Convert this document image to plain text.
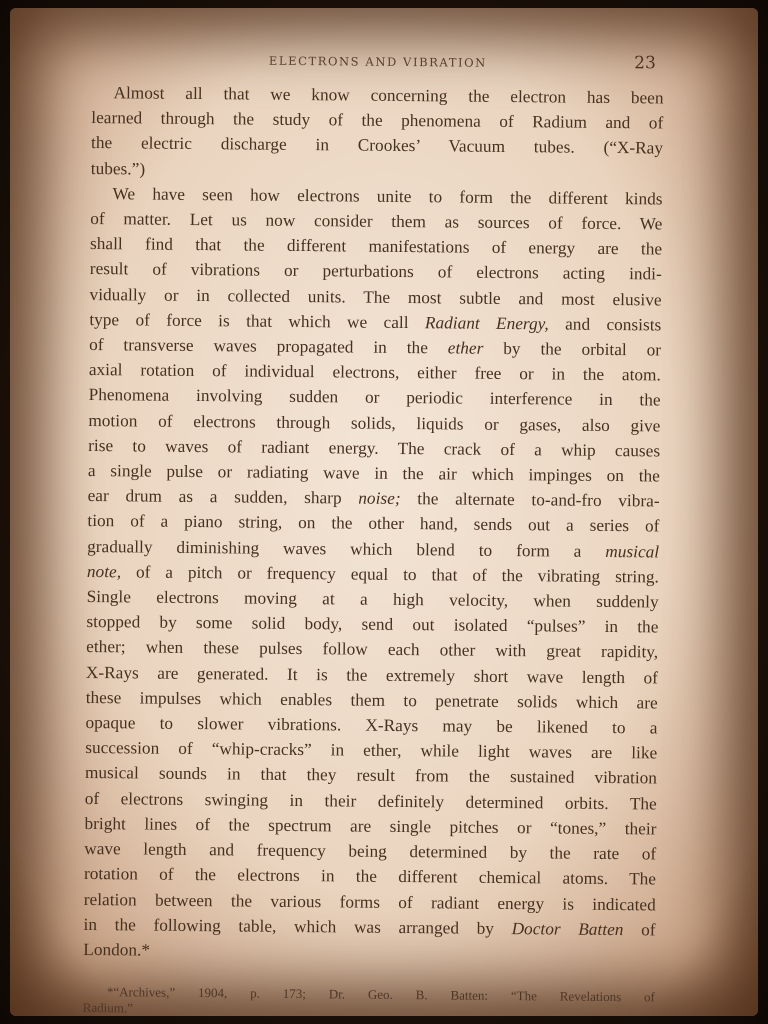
ELECTRONS AND VIBRATION	23
Almost all that we know concerning the electron has been
learned through the study of the phenomena of Radium and of
the electric discharge in Crookes’ Vacuum tubes. (“X-Ray
tubes.”)
We have seen how electrons unite to form the different kinds
of matter. Let us now consider them as sources of force. We
shall find that the different manifestations of energy are the
result of vibrations or perturbations of electrons acting indi-
vidually or in collected units. The most subtle and most elusive
type of force is that which we call Radiant Energy, and consists
of transverse waves propagated in the ether by the orbital or
axial rotation of individual electrons, either free or in the atom.
Phenomena involving sudden or periodic interference in the
motion of electrons through solids, liquids or gases, also give
rise to waves of radiant energy. The crack of a whip causes
a single pulse or radiating wave in the air which impinges on the
ear drum as a sudden, sharp noise; the alternate to-and-fro vibra-
tion of a piano string, on the other hand, sends out a series of
gradually diminishing waves which blend to form a musical
note, of a pitch or frequency equal to that of the vibrating string.
Single electrons moving at a high velocity, when suddenly
stopped by some solid body, send out isolated “pulses” in the
ether; when these pulses follow each other with great rapidity,
X-Rays are generated. It is the extremely short wave length of
these impulses which enables them to penetrate solids which are
opaque to slower vibrations. X-Rays may be likened to a
succession of “whip-cracks” in ether, while light waves are like
musical sounds in that they result from the sustained vibration
of electrons swinging in their definitely determined orbits. The
bright lines of the spectrum are single pitches or “tones,” their
wave length and frequency being determined by the rate of
rotation of the electrons in the different chemical atoms. The
relation between the various forms of radiant energy is indicated
in the following table, which was arranged by Doctor Batten of
London.*
*“Archives,” 1904, p. 173; Dr. Geo. B. Batten: “The Revelations of
Radium.”
